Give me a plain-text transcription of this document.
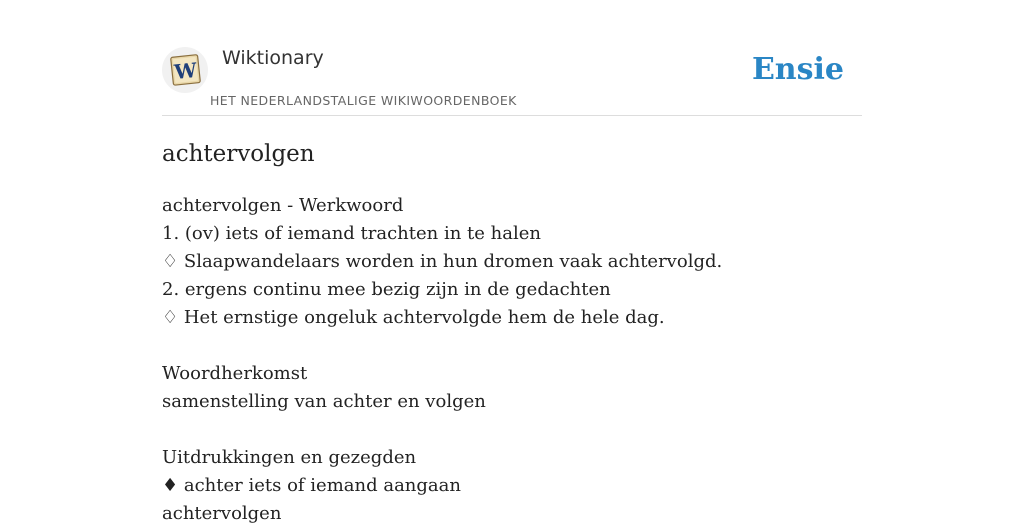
W Wiktionary
HET NEDERLANDSTALIGE WIKIWOORDENBOEK
Ensie
achtervolgen
achtervolgen - Werkwoord
1. (ov) iets of iemand trachten in te halen
♢ Slaapwandelaars worden in hun dromen vaak achtervolgd.
2. ergens continu mee bezig zijn in de gedachten
♢ Het ernstige ongeluk achtervolgde hem de hele dag.
Woordherkomst
samenstelling van achter en volgen
Uitdrukkingen en gezegden
♦ achter iets of iemand aangaan
achtervolgen
